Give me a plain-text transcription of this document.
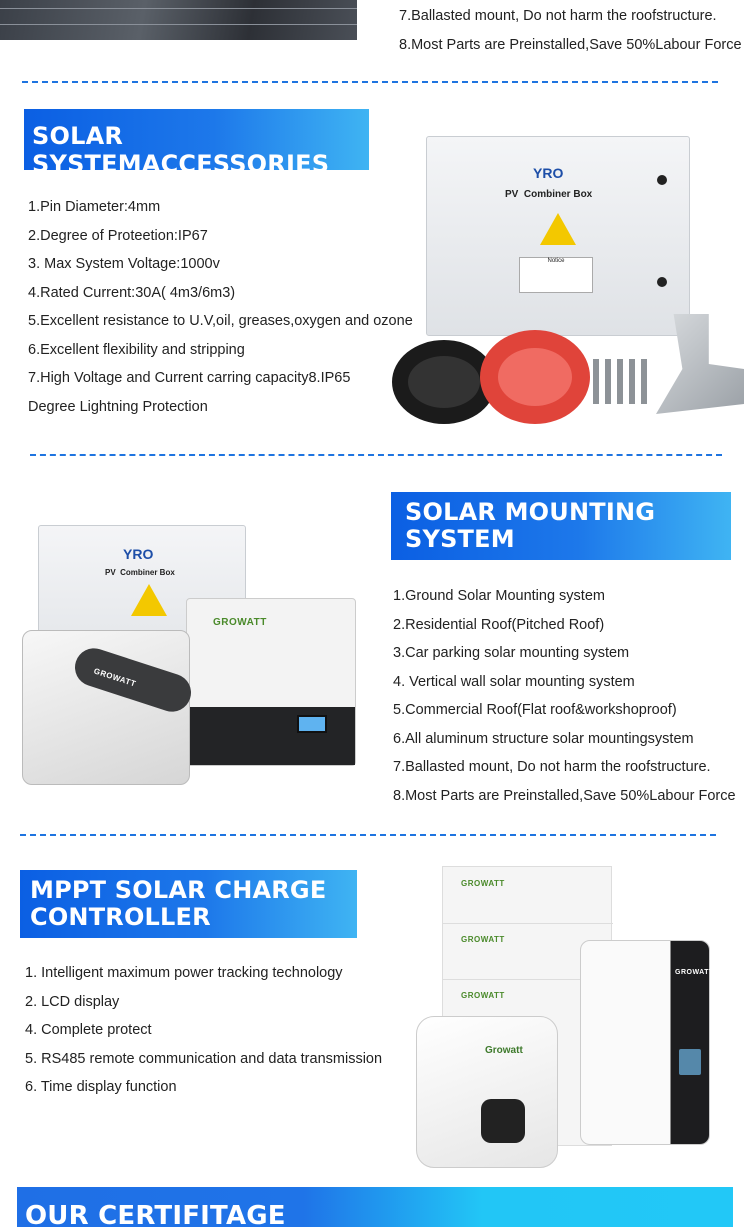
7.Ballasted mount, Do not harm the roofstructure.
8.Most Parts are Preinstalled,Save 50%Labour Force
SOLAR SYSTEMACCESSORIES
1.Pin Diameter:4mm
2.Degree of Proteetion:IP67
3. Max System Voltage:1000v
4.Rated Current:30A( 4m3/6m3)
5.Excellent resistance to U.V,oil, greases,oxygen and ozone
6.Excellent flexibility and stripping
7.High Voltage and Current carring capacity8.IP65
Degree Lightning Protection
YRO
PV  Combiner Box
Notice
YRO
PV  Combiner Box
GROWATT
GROWATT
SOLAR MOUNTING
SYSTEM
1.Ground Solar Mounting system
2.Residential Roof(Pitched Roof)
3.Car parking solar mounting system
4. Vertical wall solar mounting system
5.Commercial Roof(Flat roof&workshoproof)
6.All aluminum structure solar mountingsystem
7.Ballasted mount, Do not harm the roofstructure.
8.Most Parts are Preinstalled,Save 50%Labour Force
MPPT SOLAR CHARGE
CONTROLLER
1. Intelligent maximum power tracking technology
2. LCD display
4. Complete protect
5. RS485 remote communication and data transmission
6. Time display function
GROWATT
GROWATT
GROWATT
GROWATT
Growatt
OUR CERTIFITAGE
